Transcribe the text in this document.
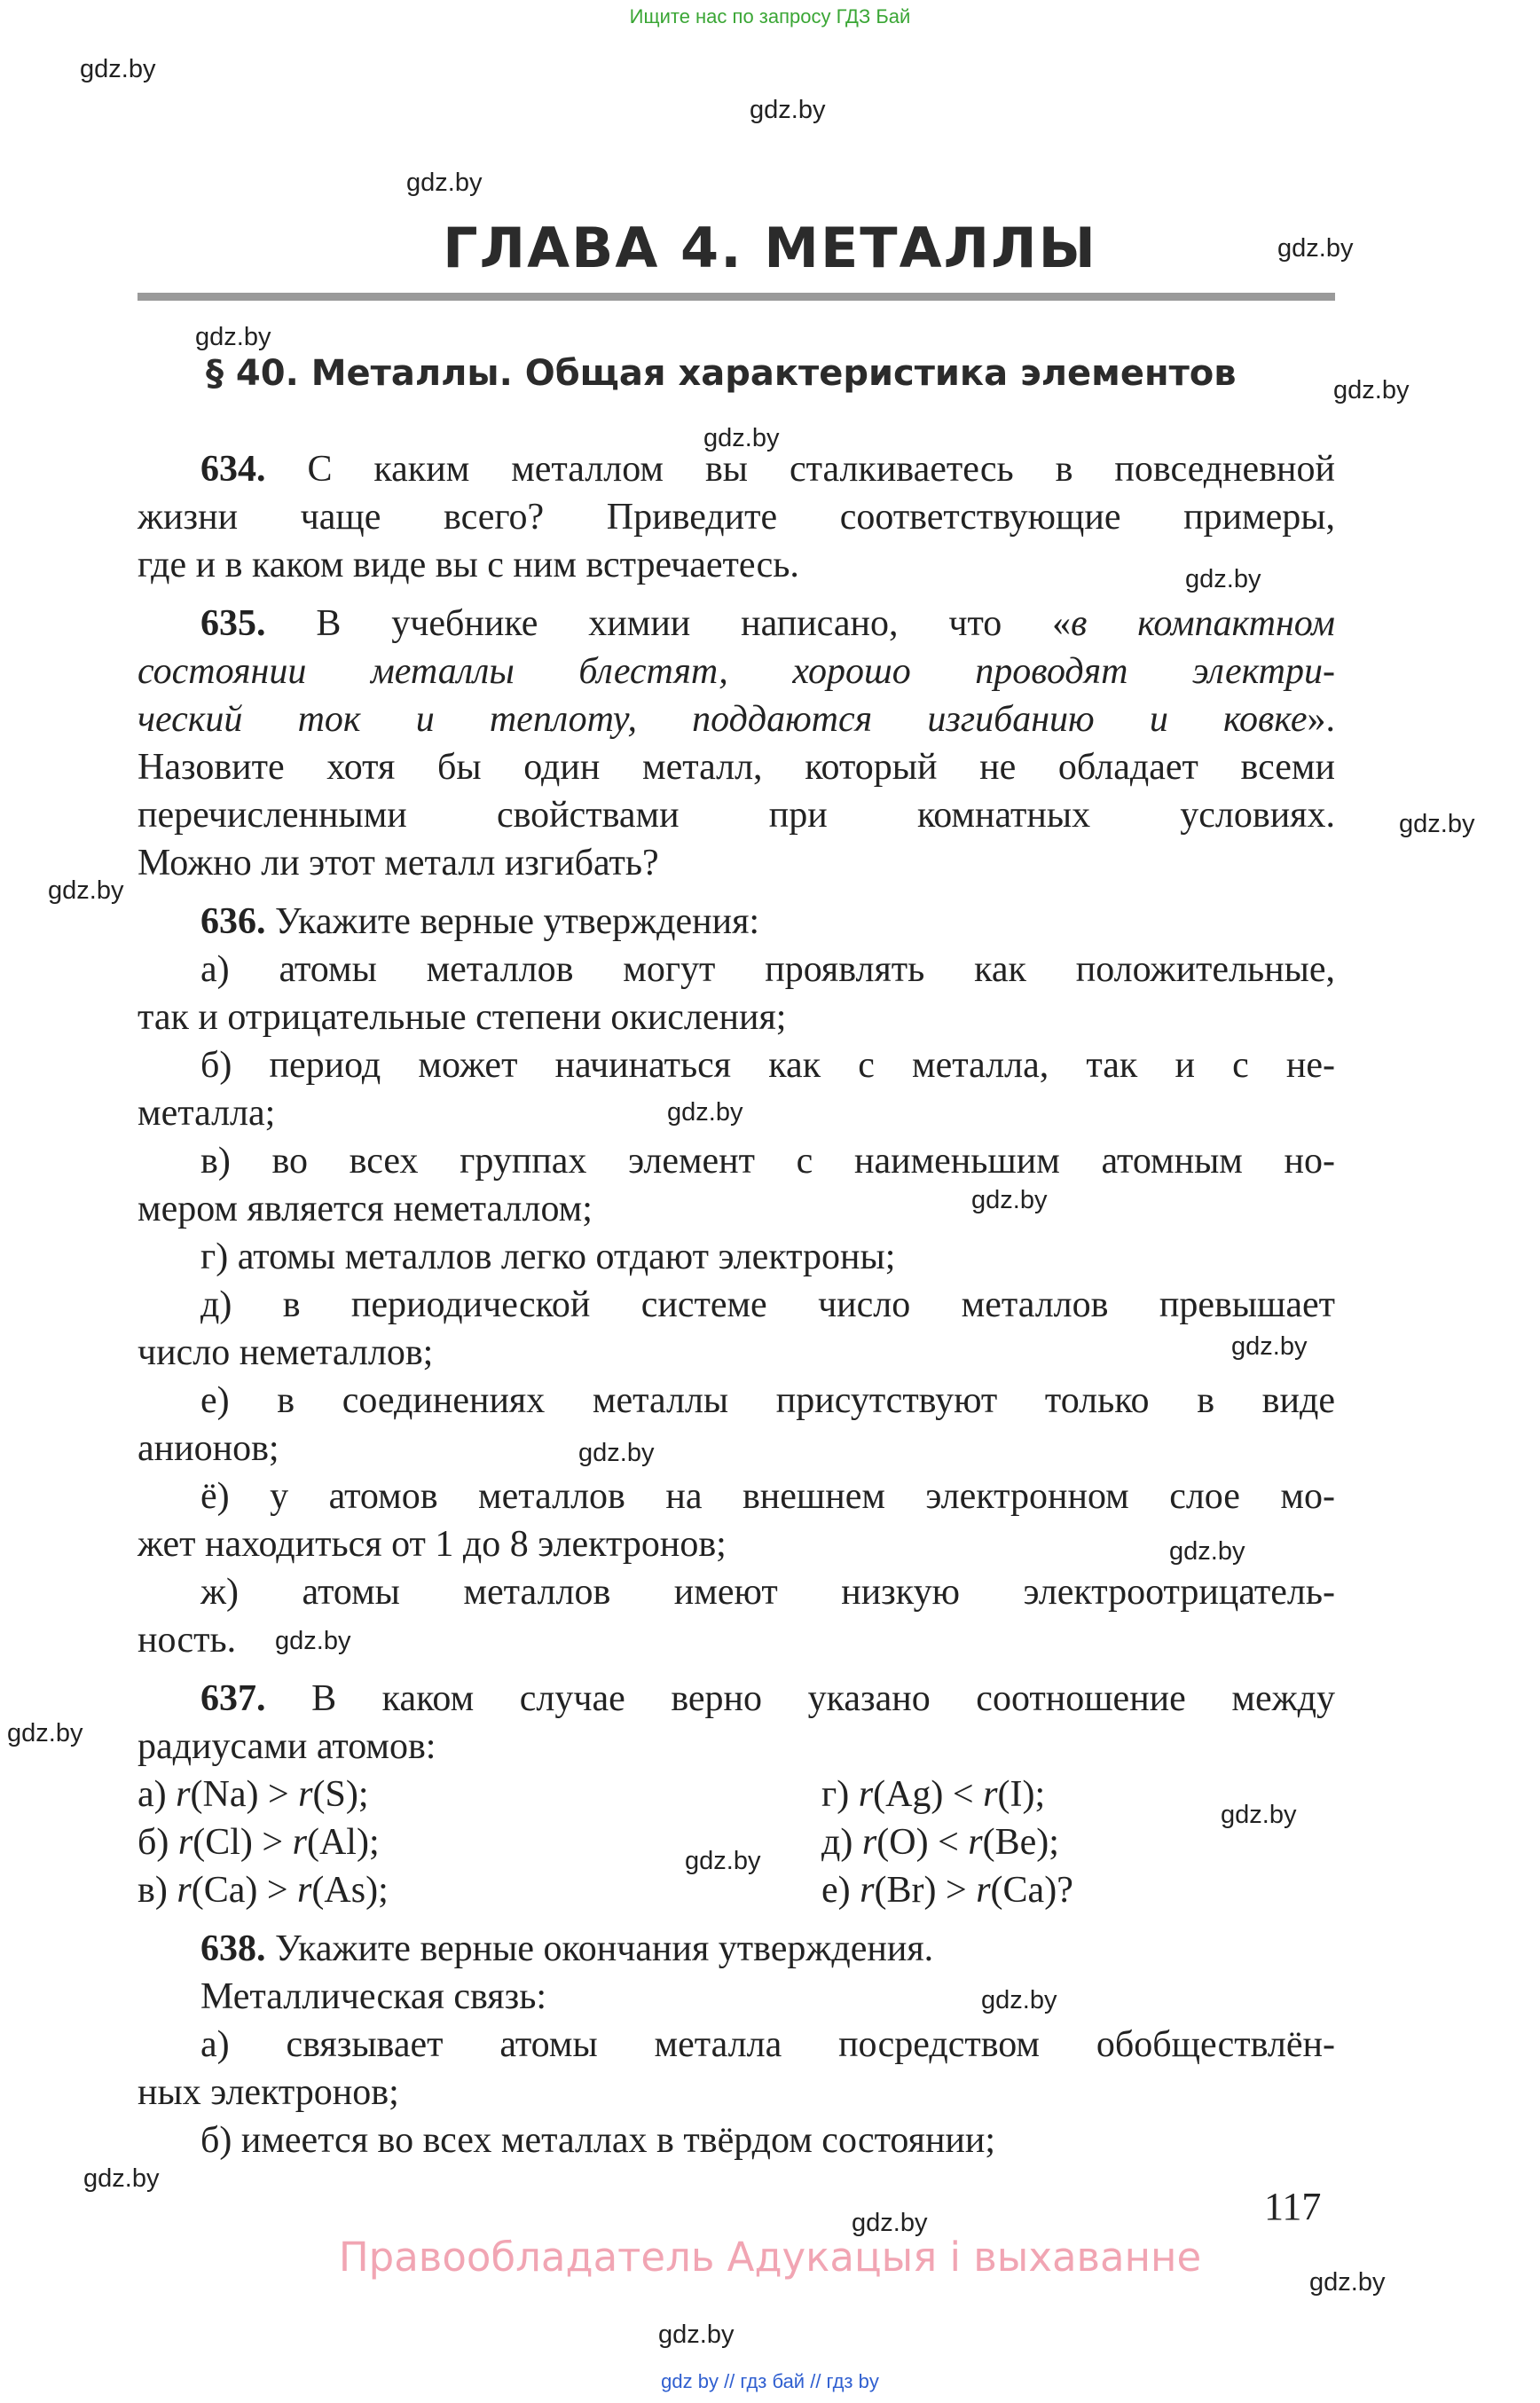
Ищите нас по запросу ГДЗ Бай
gdz.by
gdz.by
gdz.by
gdz.by
gdz.by
gdz.by
gdz.by
gdz.by
gdz.by
gdz.by
gdz.by
gdz.by
gdz.by
gdz.by
gdz.by
gdz.by
gdz.by
gdz.by
gdz.by
gdz.by
gdz.by
gdz.by
gdz.by
gdz.by
ГЛАВА 4. МЕТАЛЛЫ
§ 40. Металлы. Общая характеристика элементов
634. С каким металлом вы сталкиваетесь в повседневной
жизни чаще всего? Приведите соответствующие примеры,
где и в каком виде вы с ним встречаетесь.
635. В учебнике химии написано, что «в компактном
состоянии металлы блестят, хорошо проводят электри-
ческий ток и теплоту, поддаются изгибанию и ковке».
Назовите хотя бы один металл, который не обладает всеми
перечисленными свойствами при комнатных условиях.
Можно ли этот металл изгибать?
636. Укажите верные утверждения:
а) атомы металлов могут проявлять как положительные,
так и отрицательные степени окисления;
б) период может начинаться как с металла, так и с не-
металла;
в) во всех группах элемент с наименьшим атомным но-
мером является неметаллом;
г) атомы металлов легко отдают электроны;
д) в периодической системе число металлов превышает
число неметаллов;
е) в соединениях металлы присутствуют только в виде
анионов;
ё) у атомов металлов на внешнем электронном слое мо-
жет находиться от 1 до 8 электронов;
ж) атомы металлов имеют низкую электроотрицатель-
ность.
637. В каком случае верно указано соотношение между
радиусами атомов:
638. Укажите верные окончания утверждения.
Металлическая связь:
а) связывает атомы металла посредством обобществлён-
ных электронов;
б) имеется во всех металлах в твёрдом состоянии;
а) r(Na) > r(S);
б) r(Cl) > r(Al);
в) r(Ca) > r(As);
г) r(Ag) < r(I);
д) r(O) < r(Be);
е) r(Br) > r(Ca)?
117
Правообладатель Адукацыя і выхаванне
gdz by // гдз бай // гдз by
